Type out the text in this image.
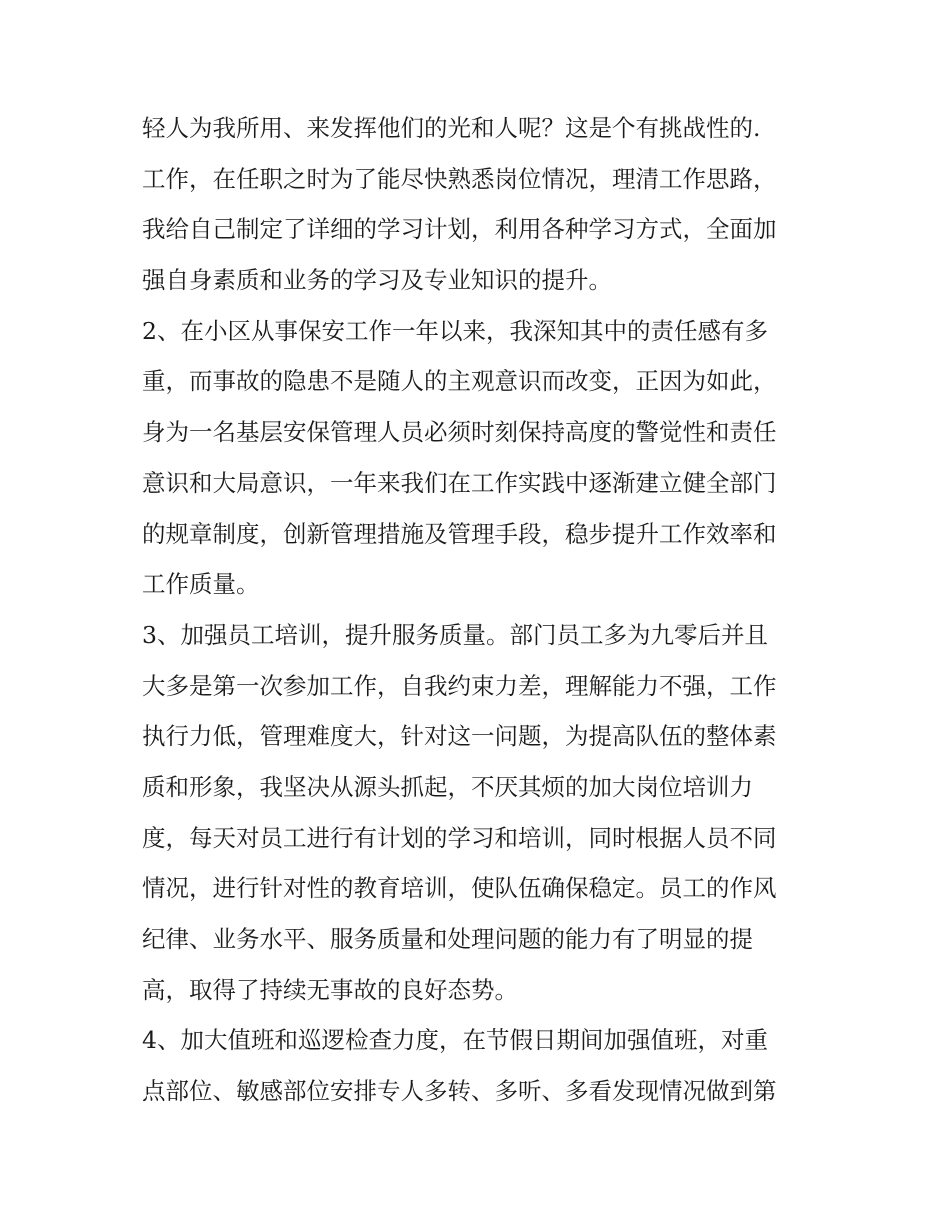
轻人为我所用、来发挥他们的光和人呢？这是个有挑战性的.
工作，在任职之时为了能尽快熟悉岗位情况，理清工作思路，
我给自己制定了详细的学习计划，利用各种学习方式，全面加
强自身素质和业务的学习及专业知识的提升。
2、在小区从事保安工作一年以来，我深知其中的责任感有多
重，而事故的隐患不是随人的主观意识而改变，正因为如此，
身为一名基层安保管理人员必须时刻保持高度的警觉性和责任
意识和大局意识，一年来我们在工作实践中逐渐建立健全部门
的规章制度，创新管理措施及管理手段，稳步提升工作效率和
工作质量。
3、加强员工培训，提升服务质量。部门员工多为九零后并且
大多是第一次参加工作，自我约束力差，理解能力不强，工作
执行力低，管理难度大，针对这一问题，为提高队伍的整体素
质和形象，我坚决从源头抓起，不厌其烦的加大岗位培训力
度，每天对员工进行有计划的学习和培训，同时根据人员不同
情况，进行针对性的教育培训，使队伍确保稳定。员工的作风
纪律、业务水平、服务质量和处理问题的能力有了明显的提
高，取得了持续无事故的良好态势。
4、加大值班和巡逻检查力度，在节假日期间加强值班，对重
点部位、敏感部位安排专人多转、多听、多看发现情况做到第
